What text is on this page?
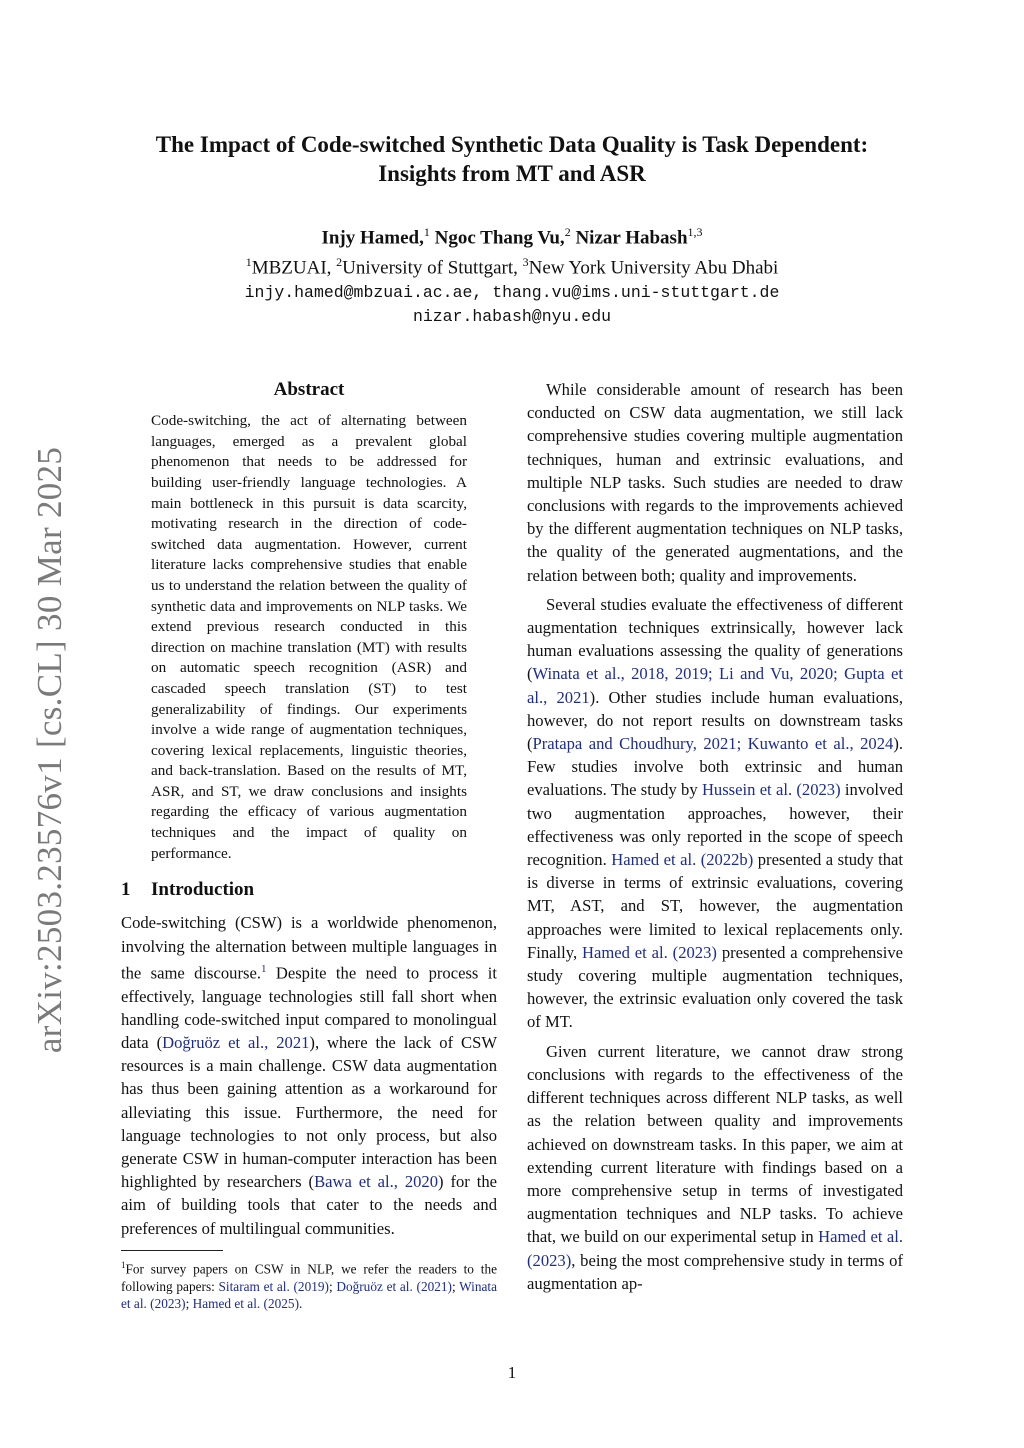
arXiv:2503.23576v1 [cs.CL] 30 Mar 2025
The Impact of Code-switched Synthetic Data Quality is Task Dependent:
Insights from MT and ASR
Injy Hamed,$^1$ Ngoc Thang Vu,$^2$ Nizar Habash$^{1,3}$
$^1$MBZUAI, $^2$University of Stuttgart, $^3$New York University Abu Dhabi
injy.hamed@mbzuai.ac.ae, thang.vu@ims.uni-stuttgart.de
nizar.habash@nyu.edu
Abstract
Code-switching, the act of alternating between languages, emerged as a prevalent global phenomenon that needs to be addressed for building user-friendly language technologies. A main bottleneck in this pursuit is data scarcity, motivating research in the direction of code-switched data augmentation. However, current literature lacks comprehensive studies that enable us to understand the relation between the quality of synthetic data and improvements on NLP tasks. We extend previous research conducted in this direction on machine translation (MT) with results on automatic speech recognition (ASR) and cascaded speech translation (ST) to test generalizability of findings. Our experiments involve a wide range of augmentation techniques, covering lexical replacements, linguistic theories, and back-translation. Based on the results of MT, ASR, and ST, we draw conclusions and insights regarding the efficacy of various augmentation techniques and the impact of quality on performance.
1 Introduction

Code-switching (CSW) is a worldwide phenomenon, involving the alternation between multiple languages in the same discourse.$^1$ Despite the need to process it effectively, language technologies still fall short when handling code-switched input compared to monolingual data (Doğruöz et al., 2021), where the lack of CSW resources is a main challenge. CSW data augmentation has thus been gaining attention as a workaround for alleviating this issue. Furthermore, the need for language technologies to not only process, but also generate CSW in human-computer interaction has been highlighted by researchers (Bawa et al., 2020) for the aim of building tools that cater to the needs and preferences of multilingual communities.

$^1$For survey papers on CSW in NLP, we refer the readers to the following papers: Sitaram et al. (2019); Doğruöz et al. (2021); Winata et al. (2023); Hamed et al. (2025).

While considerable amount of research has been conducted on CSW data augmentation, we still lack comprehensive studies covering multiple augmentation techniques, human and extrinsic evaluations, and multiple NLP tasks. Such studies are needed to draw conclusions with regards to the improvements achieved by the different augmentation techniques on NLP tasks, the quality of the generated augmentations, and the relation between both; quality and improvements.

Several studies evaluate the effectiveness of different augmentation techniques extrinsically, however lack human evaluations assessing the quality of generations (Winata et al., 2018, 2019; Li and Vu, 2020; Gupta et al., 2021). Other studies include human evaluations, however, do not report results on downstream tasks (Pratapa and Choudhury, 2021; Kuwanto et al., 2024). Few studies involve both extrinsic and human evaluations. The study by Hussein et al. (2023) involved two augmentation approaches, however, their effectiveness was only reported in the scope of speech recognition. Hamed et al. (2022b) presented a study that is diverse in terms of extrinsic evaluations, covering MT, AST, and ST, however, the augmentation approaches were limited to lexical replacements only. Finally, Hamed et al. (2023) presented a comprehensive study covering multiple augmentation techniques, however, the extrinsic evaluation only covered the task of MT.

Given current literature, we cannot draw strong conclusions with regards to the effectiveness of the different techniques across different NLP tasks, as well as the relation between quality and improvements achieved on downstream tasks. In this paper, we aim at extending current literature with findings based on a more comprehensive setup in terms of investigated augmentation techniques and NLP tasks. To achieve that, we build on our experimental setup in Hamed et al. (2023), being the most comprehensive study in terms of augmentation ap-

1
